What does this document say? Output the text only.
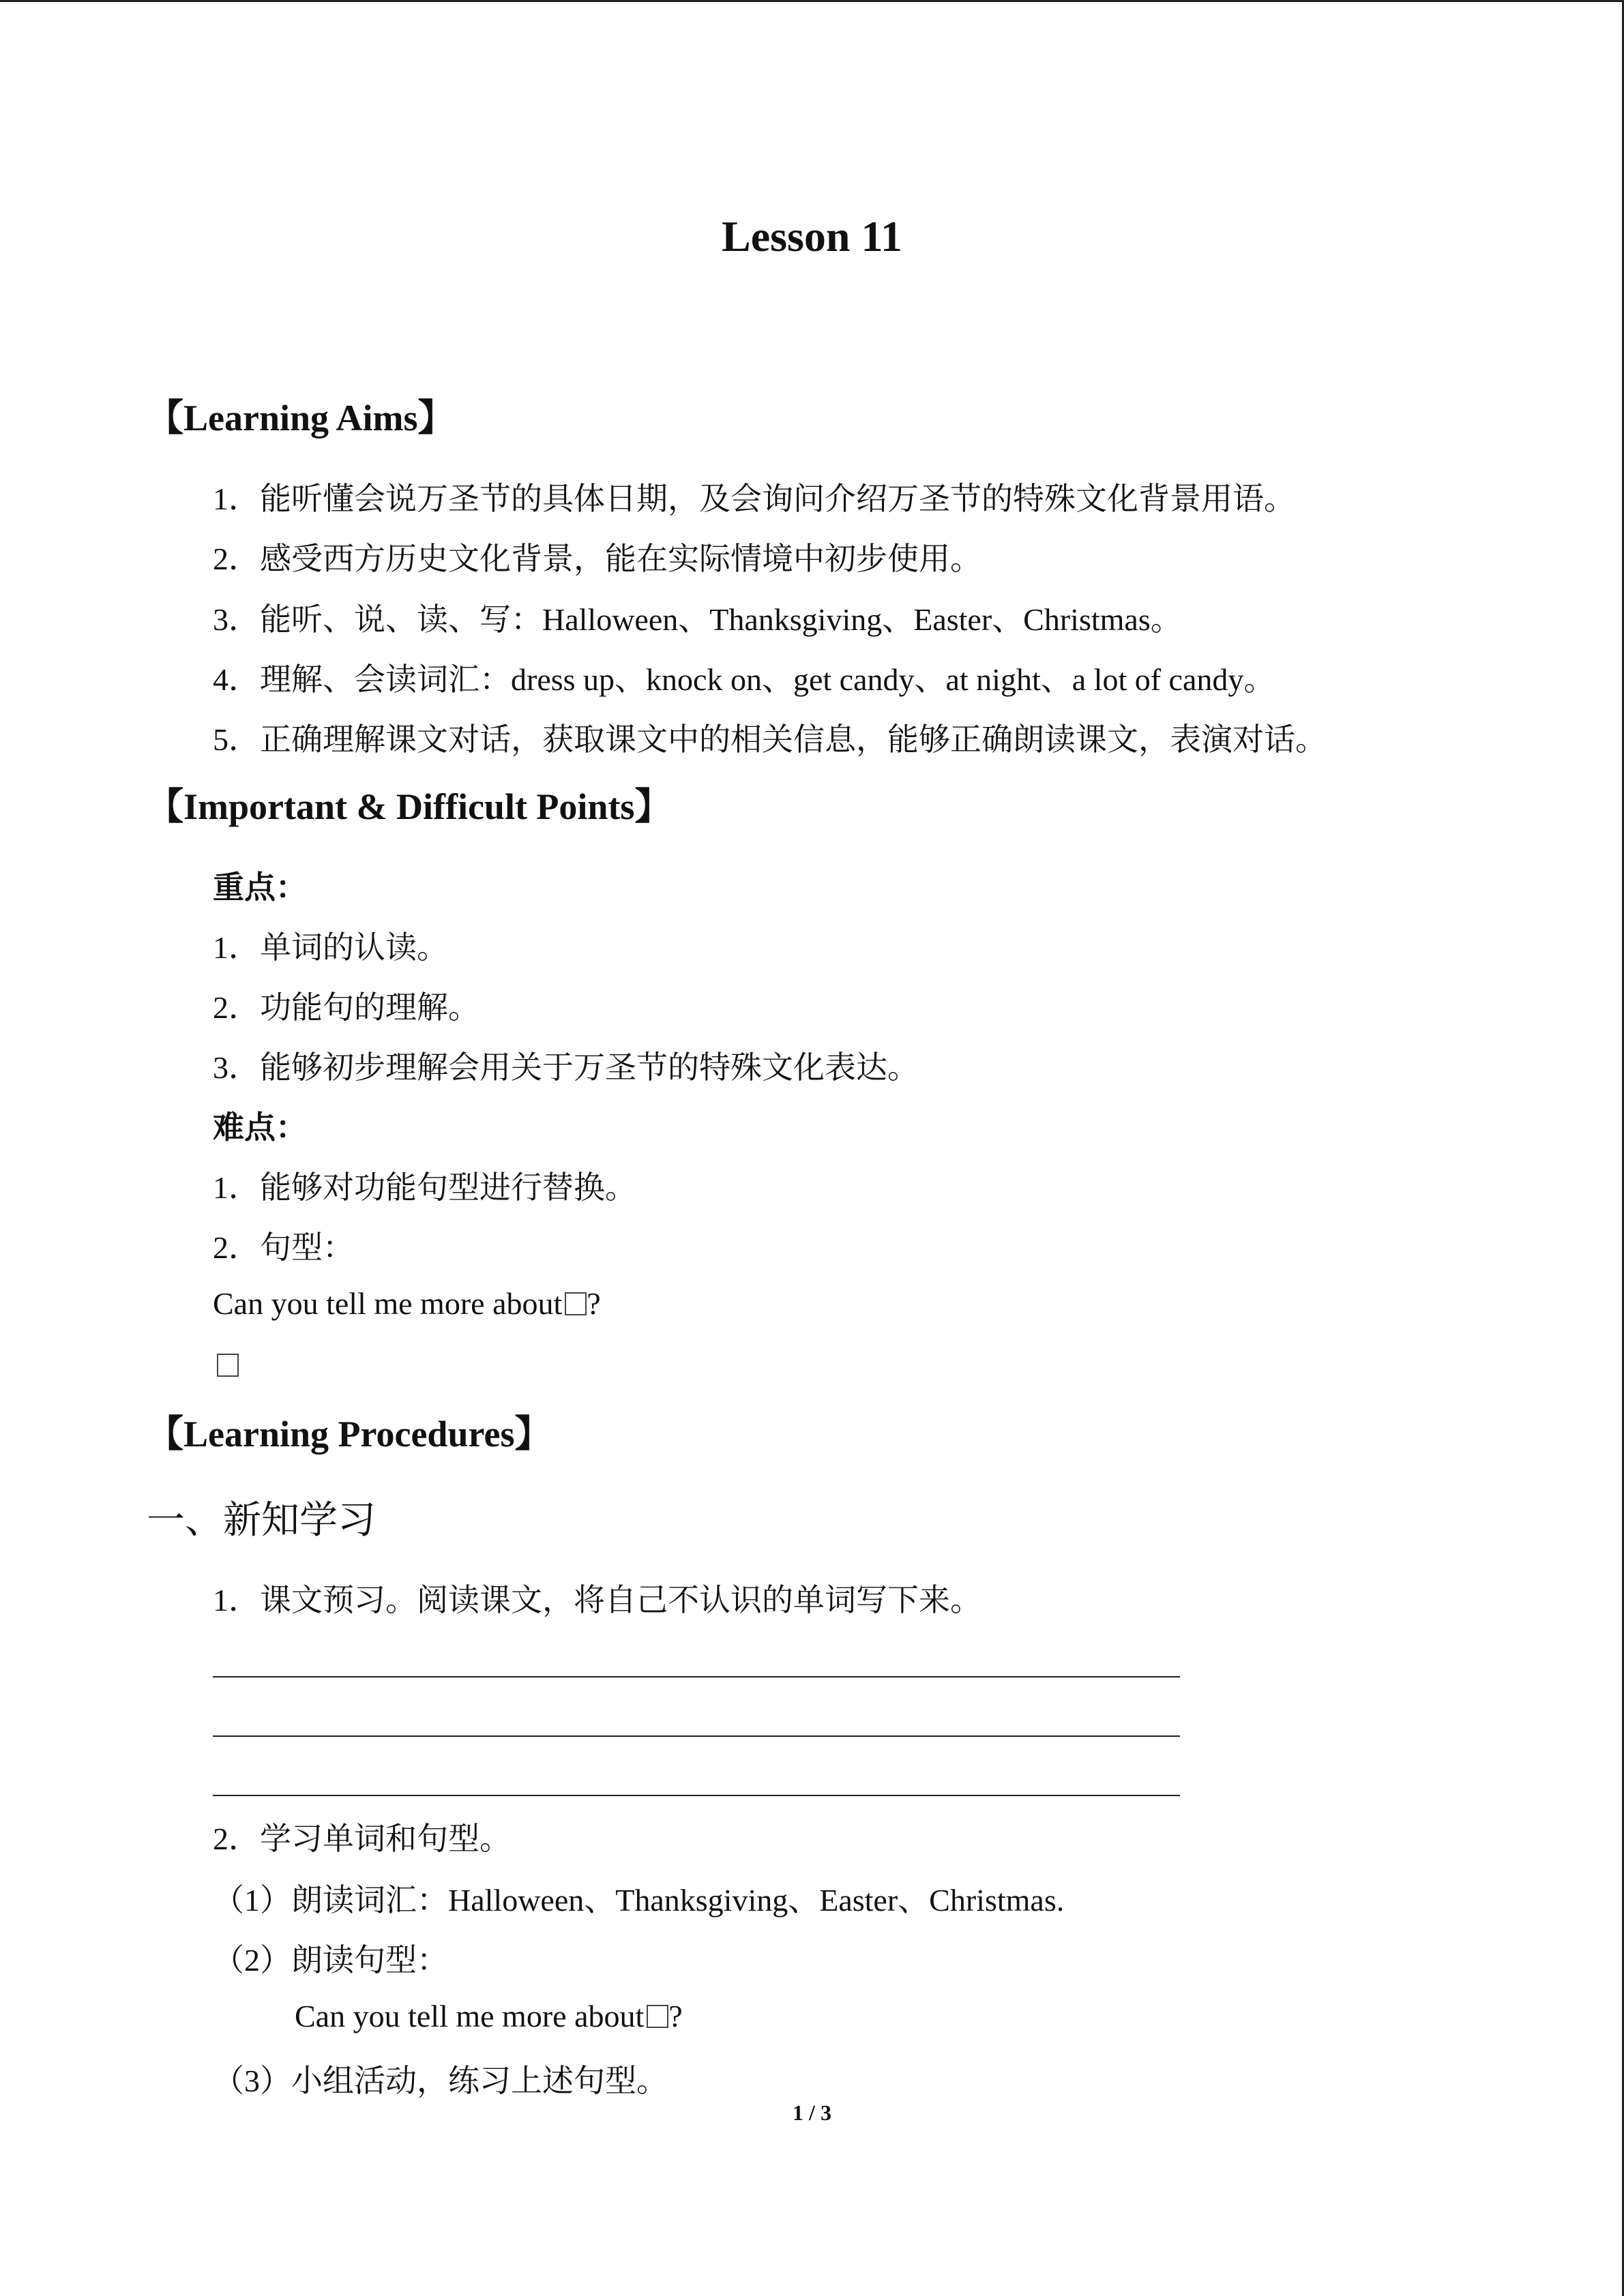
Lesson 11
【Learning Aims】
1．能听懂会说万圣节的具体日期，及会询问介绍万圣节的特殊文化背景用语。
2．感受西方历史文化背景，能在实际情境中初步使用。
3．能听、说、读、写：Halloween、Thanksgiving、Easter、Christmas。
4．理解、会读词汇：dress up、knock on、get candy、at night、a lot of candy。
5．正确理解课文对话，获取课文中的相关信息，能够正确朗读课文，表演对话。
【Important & Difficult Points】
重点：
1．单词的认读。
2．功能句的理解。
3．能够初步理解会用关于万圣节的特殊文化表达。
难点：
1．能够对功能句型进行替换。
2．句型：
Can you tell me more about ?
【Learning Procedures】
一、新知学习
1．课文预习。阅读课文，将自己不认识的单词写下来。
2．学习单词和句型。
（1）朗读词汇：Halloween、Thanksgiving、Easter、Christmas.
（2）朗读句型：
Can you tell me more about ?
（3）小组活动，练习上述句型。
1 / 3
